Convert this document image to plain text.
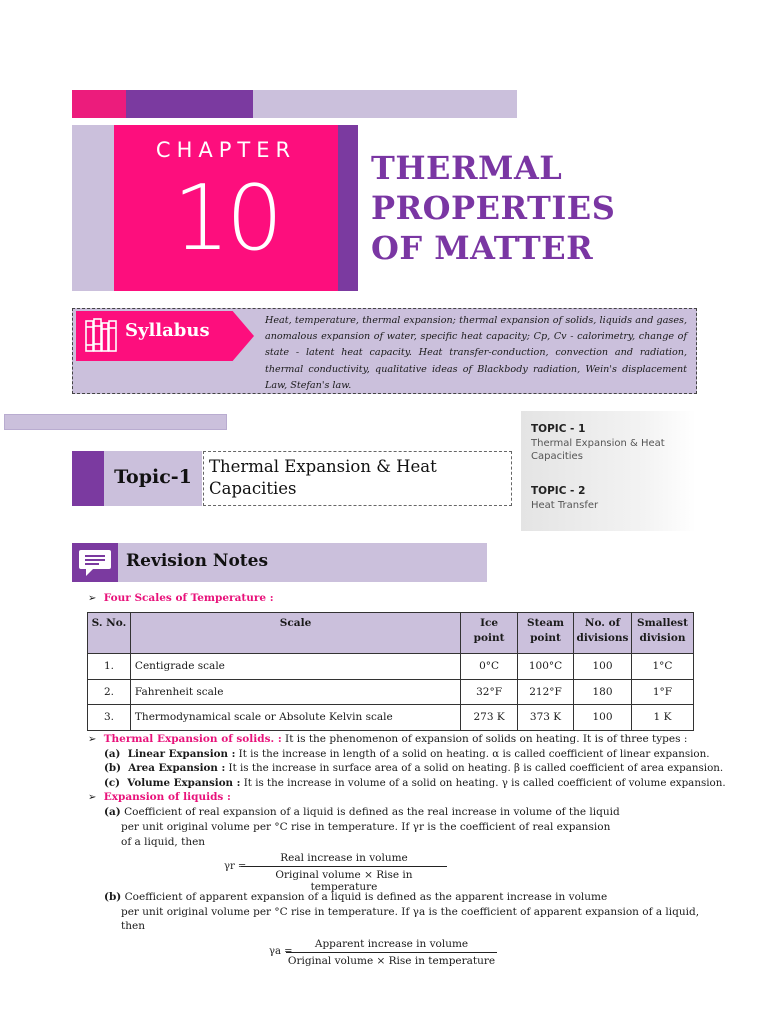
CHAPTER
10	THERMAL
PROPERTIES
OF MATTER
Syllabus	Heat, temperature, thermal expansion; thermal expansion of solids, liquids and gases, anomalous expansion of water, specific heat capacity; Cp, Cv - calorimetry, change of state - latent heat capacity. Heat transfer-conduction, convection and radiation, thermal conductivity, qualitative ideas of Blackbody radiation, Wein's displacement Law, Stefan's law.
TOPIC - 1
Thermal Expansion & Heat Capacities
TOPIC - 2
Heat Transfer
Topic-1	Thermal Expansion & Heat Capacities
Revision Notes
➢ Four Scales of Temperature :
S. No.	Scale	Ice point	Steam point	No. of divisions	Smallest division
1.	Centigrade scale	0°C	100°C	100	1°C
2.	Fahrenheit scale	32°F	212°F	180	1°F
3.	Thermodynamical scale or Absolute Kelvin scale	273 K	373 K	100	1 K
➢ Thermal Expansion of solids. : It is the phenomenon of expansion of solids on heating. It is of three types :
(a) Linear Expansion : It is the increase in length of a solid on heating. α is called coefficient of linear expansion.
(b) Area Expansion : It is the increase in surface area of a solid on heating. β is called coefficient of area expansion.
(c) Volume Expansion : It is the increase in volume of a solid on heating. γ is called coefficient of volume expansion.
➢ Expansion of liquids :
(a) Coefficient of real expansion of a liquid is defined as the real increase in volume of the liquid
per unit original volume per °C rise in temperature. If γr is the coefficient of real expansion
of a liquid, then
γr =
Real increase in volume
Original volume × Rise in temperature
(b) Coefficient of apparent expansion of a liquid is defined as the apparent increase in volume
per unit original volume per °C rise in temperature. If γa is the coefficient of apparent expansion of a liquid,
then
γa =
Apparent increase in volume
Original volume × Rise in temperature
